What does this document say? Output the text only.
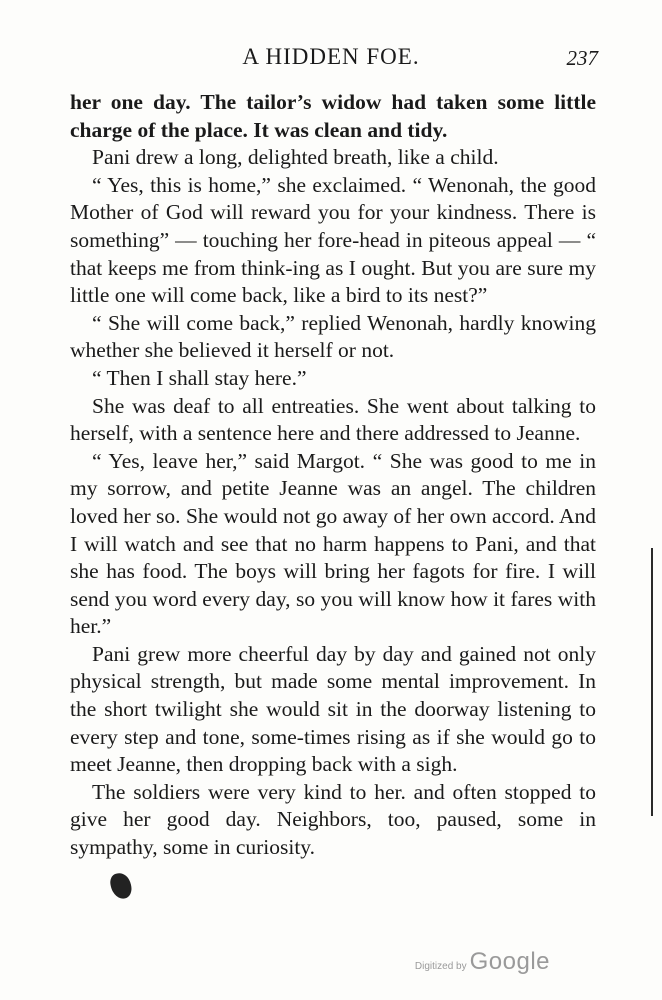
A HIDDEN FOE.	237

her one day. The tailor’s widow had taken some little charge of the place. It was clean and tidy.

Pani drew a long, delighted breath, like a child.

“ Yes, this is home,” she exclaimed. “ Wenonah, the good Mother of God will reward you for your kindness. There is something” — touching her fore-head in piteous appeal — “ that keeps me from think-ing as I ought. But you are sure my little one will come back, like a bird to its nest?”

“ She will come back,” replied Wenonah, hardly knowing whether she believed it herself or not.

“ Then I shall stay here.”

She was deaf to all entreaties. She went about talking to herself, with a sentence here and there addressed to Jeanne.

“ Yes, leave her,” said Margot. “ She was good to me in my sorrow, and petite Jeanne was an angel. The children loved her so. She would not go away of her own accord. And I will watch and see that no harm happens to Pani, and that she has food. The boys will bring her fagots for fire. I will send you word every day, so you will know how it fares with her.”

Pani grew more cheerful day by day and gained not only physical strength, but made some mental improvement. In the short twilight she would sit in the doorway listening to every step and tone, some-times rising as if she would go to meet Jeanne, then dropping back with a sigh.

The soldiers were very kind to her. and often stopped to give her good day. Neighbors, too, paused, some in sympathy, some in curiosity.

Digitized by Google
